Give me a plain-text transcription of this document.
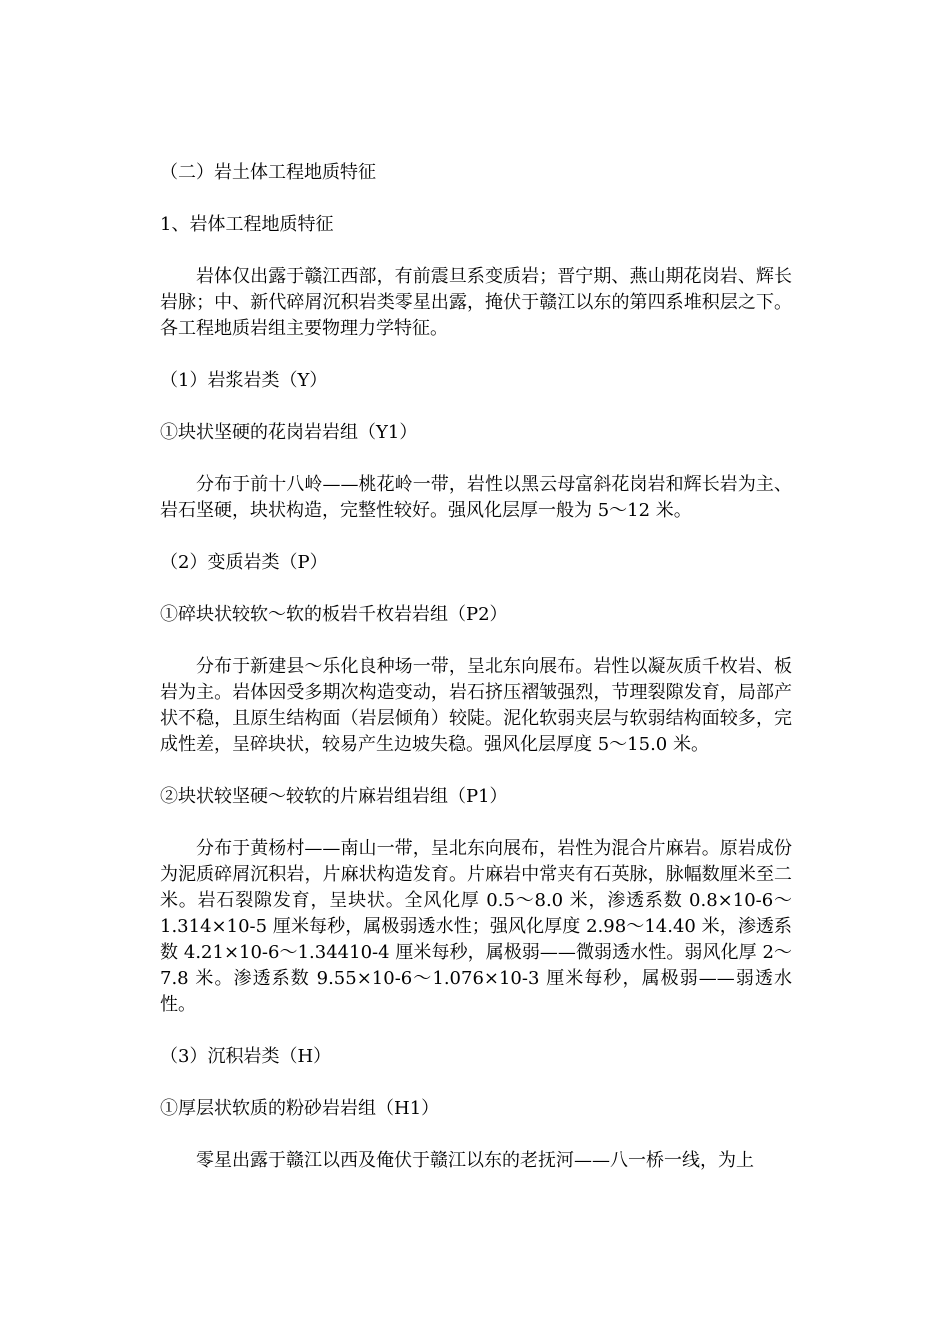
（二）岩土体工程地质特征

1、岩体工程地质特征

岩体仅出露于赣江西部，有前震旦系变质岩；晋宁期、燕山期花岗岩、辉长岩脉；中、新代碎屑沉积岩类零星出露，掩伏于赣江以东的第四系堆积层之下。各工程地质岩组主要物理力学特征。

（1）岩浆岩类（Y）

①块状坚硬的花岗岩岩组（Y1）

分布于前十八岭——桃花岭一带，岩性以黑云母富斜花岗岩和辉长岩为主、岩石坚硬，块状构造，完整性较好。强风化层厚一般为 5～12 米。

（2）变质岩类（P）

①碎块状较软～软的板岩千枚岩岩组（P2）

分布于新建县～乐化良种场一带，呈北东向展布。岩性以凝灰质千枚岩、板岩为主。岩体因受多期次构造变动，岩石挤压褶皱强烈，节理裂隙发育，局部产状不稳，且原生结构面（岩层倾角）较陡。泥化软弱夹层与软弱结构面较多，完成性差，呈碎块状，较易产生边坡失稳。强风化层厚度 5～15.0 米。

②块状较坚硬～较软的片麻岩组岩组（P1）

分布于黄杨村——南山一带，呈北东向展布，岩性为混合片麻岩。原岩成份为泥质碎屑沉积岩，片麻状构造发育。片麻岩中常夹有石英脉，脉幅数厘米至二米。岩石裂隙发育，呈块状。全风化厚 0.5～8.0 米，渗透系数 0.8×10-6～1.314×10-5 厘米每秒，属极弱透水性；强风化厚度 2.98～14.40 米，渗透系数 4.21×10-6～1.34410-4 厘米每秒，属极弱——微弱透水性。弱风化厚 2～7.8 米。渗透系数 9.55×10-6～1.076×10-3 厘米每秒，属极弱——弱透水性。

（3）沉积岩类（H）

①厚层状软质的粉砂岩岩组（H1）

零星出露于赣江以西及俺伏于赣江以东的老抚河——八一桥一线，为上
